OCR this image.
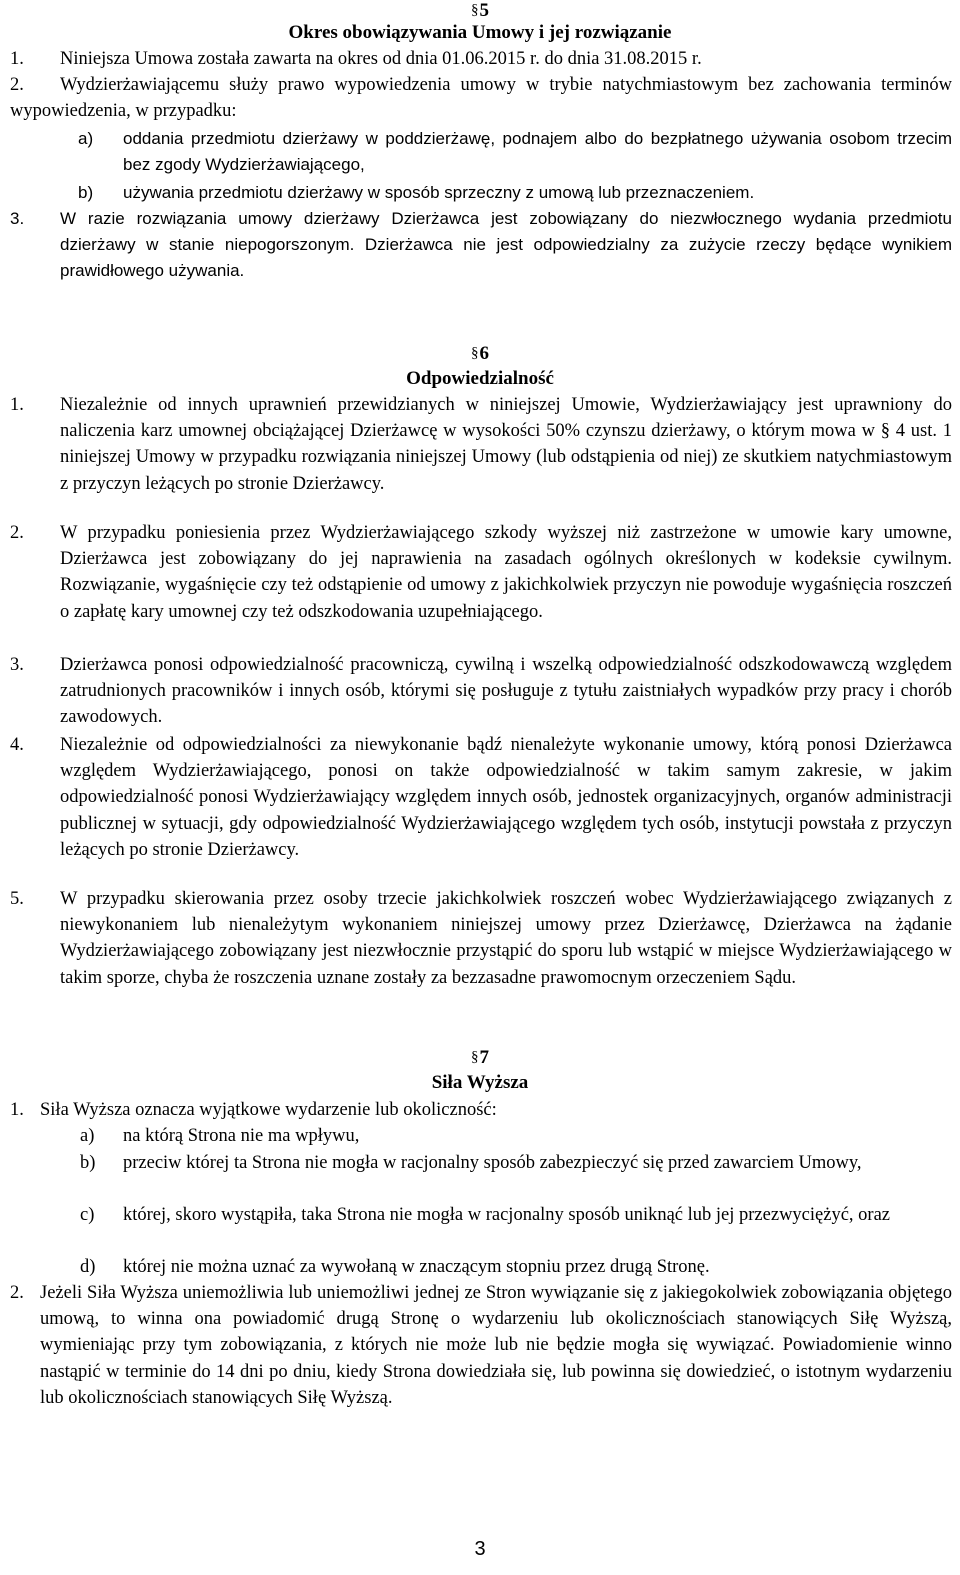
§5
Okres obowiązywania Umowy i jej rozwiązanie
1. Niniejsza Umowa została zawarta na okres od dnia 01.06.2015 r. do dnia 31.08.2015 r.
2.	Wydzierżawiającemu służy prawo wypowiedzenia umowy w trybie natychmiastowym bez zachowania terminów wypowiedzenia, w przypadku:
a) oddania przedmiotu dzierżawy w poddzierżawę, podnajem albo do bezpłatnego używania osobom trzecim bez zgody Wydzierżawiającego,
b) używania przedmiotu dzierżawy w sposób sprzeczny z umową lub przeznaczeniem.
3. W razie rozwiązania umowy dzierżawy Dzierżawca jest zobowiązany do niezwłocznego wydania przedmiotu dzierżawy w stanie niepogorszonym. Dzierżawca nie jest odpowiedzialny za zużycie rzeczy będące wynikiem prawidłowego używania.
§6
Odpowiedzialność
1. Niezależnie od innych uprawnień przewidzianych w niniejszej Umowie, Wydzierżawiający jest uprawniony do naliczenia karz umownej obciążającej Dzierżawcę w wysokości 50% czynszu dzierżawy, o którym mowa w § 4 ust. 1 niniejszej Umowy w przypadku rozwiązania niniejszej Umowy (lub odstąpienia od niej) ze skutkiem natychmiastowym z przyczyn leżących po stronie Dzierżawcy.
2. W przypadku poniesienia przez Wydzierżawiającego szkody wyższej niż zastrzeżone w umowie kary umowne, Dzierżawca jest zobowiązany do jej naprawienia na zasadach ogólnych określonych w kodeksie cywilnym. Rozwiązanie, wygaśnięcie czy też odstąpienie od umowy z jakichkolwiek przyczyn nie powoduje wygaśnięcia roszczeń o zapłatę kary umownej czy też odszkodowania uzupełniającego.
3. Dzierżawca ponosi odpowiedzialność pracowniczą, cywilną i wszelką odpowiedzialność odszkodowawczą względem zatrudnionych pracowników i innych osób, którymi się posługuje z tytułu zaistniałych wypadków przy pracy i chorób zawodowych.
4. Niezależnie od odpowiedzialności za niewykonanie bądź nienależyte wykonanie umowy, którą ponosi Dzierżawca względem Wydzierżawiającego, ponosi on także odpowiedzialność w takim samym zakresie, w jakim odpowiedzialność ponosi Wydzierżawiający względem innych osób, jednostek organizacyjnych, organów administracji publicznej w sytuacji, gdy odpowiedzialność Wydzierżawiającego względem tych osób, instytucji powstała z przyczyn leżących po stronie Dzierżawcy.
5. W przypadku skierowania przez osoby trzecie jakichkolwiek roszczeń wobec Wydzierżawiającego związanych z niewykonaniem lub nienależytym wykonaniem niniejszej umowy przez Dzierżawcę, Dzierżawca na żądanie Wydzierżawiającego zobowiązany jest niezwłocznie przystąpić do sporu lub wstąpić w miejsce Wydzierżawiającego w takim sporze, chyba że roszczenia uznane zostały za bezzasadne prawomocnym orzeczeniem Sądu.
§7
Siła Wyższa
1. Siła Wyższa oznacza wyjątkowe wydarzenie lub okoliczność:
a) na którą Strona nie ma wpływu,
b) przeciw której ta Strona nie mogła w racjonalny sposób zabezpieczyć się przed zawarciem Umowy,
c) której, skoro wystąpiła, taka Strona nie mogła w racjonalny sposób uniknąć lub jej przezwyciężyć, oraz
d) której nie można uznać za wywołaną w znaczącym stopniu przez drugą Stronę.
2. Jeżeli Siła Wyższa uniemożliwia lub uniemożliwi jednej ze Stron wywiązanie się z jakiegokolwiek zobowiązania objętego umową, to winna ona powiadomić drugą Stronę o wydarzeniu lub okolicznościach stanowiących Siłę Wyższą, wymieniając przy tym zobowiązania, z których nie może lub nie będzie mogła się wywiązać. Powiadomienie winno nastąpić w terminie do 14 dni po dniu, kiedy Strona dowiedziała się, lub powinna się dowiedzieć, o istotnym wydarzeniu lub okolicznościach stanowiących Siłę Wyższą.
3
